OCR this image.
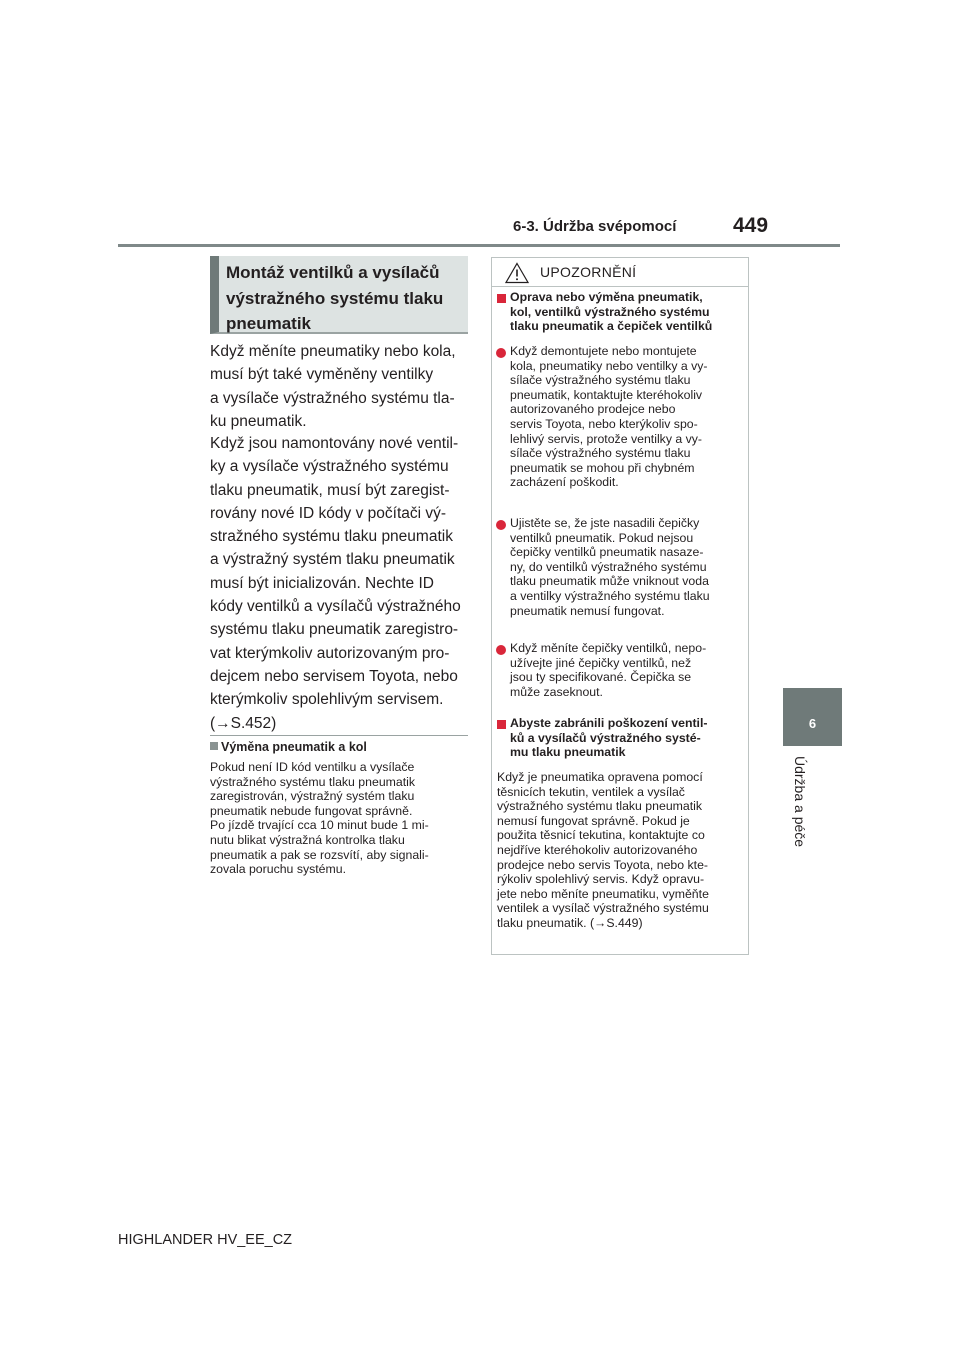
6-3. Údržba svépomocí	449
6
Údržba a péče
Montáž ventilků a vysílačů
výstražného systému tlaku
pneumatik
Když měníte pneumatiky nebo kola,
musí být také vyměněny ventilky
a vysílače výstražného systému tla-
ku pneumatik.
Když jsou namontovány nové ventil-
ky a vysílače výstražného systému
tlaku pneumatik, musí být zaregist-
rovány nové ID kódy v počítači vý-
stražného systému tlaku pneumatik
a výstražný systém tlaku pneumatik
musí být inicializován. Nechte ID
kódy ventilků a vysílačů výstražného
systému tlaku pneumatik zaregistro-
vat kterýmkoliv autorizovaným pro-
dejcem nebo servisem Toyota, nebo
kterýmkoliv spolehlivým servisem.
(→S.452)
Výměna pneumatik a kol
Pokud není ID kód ventilku a vysílače
výstražného systému tlaku pneumatik
zaregistrován, výstražný systém tlaku
pneumatik nebude fungovat správně.
Po jízdě trvající cca 10 minut bude 1 mi-
nutu blikat výstražná kontrolka tlaku
pneumatik a pak se rozsvítí, aby signali-
zovala poruchu systému.
UPOZORNĚNÍ
Oprava nebo výměna pneumatik,
kol, ventilků výstražného systému
tlaku pneumatik a čepiček ventilků
Když demontujete nebo montujete
kola, pneumatiky nebo ventilky a vy-
sílače výstražného systému tlaku
pneumatik, kontaktujte kteréhokoliv
autorizovaného prodejce nebo
servis Toyota, nebo kterýkoliv spo-
lehlivý servis, protože ventilky a vy-
sílače výstražného systému tlaku
pneumatik se mohou při chybném
zacházení poškodit.
Ujistěte se, že jste nasadili čepičky
ventilků pneumatik. Pokud nejsou
čepičky ventilků pneumatik nasaze-
ny, do ventilků výstražného systému
tlaku pneumatik může vniknout voda
a ventilky výstražného systému tlaku
pneumatik nemusí fungovat.
Když měníte čepičky ventilků, nepo-
užívejte jiné čepičky ventilků, než
jsou ty specifikované. Čepička se
může zaseknout.
Abyste zabránili poškození ventil-
ků a vysílačů výstražného systé-
mu tlaku pneumatik
Když je pneumatika opravena pomocí
těsnicích tekutin, ventilek a vysílač
výstražného systému tlaku pneumatik
nemusí fungovat správně. Pokud je
použita těsnicí tekutina, kontaktujte co
nejdříve kteréhokoliv autorizovaného
prodejce nebo servis Toyota, nebo kte-
rýkoliv spolehlivý servis. Když opravu-
jete nebo měníte pneumatiku, vyměňte
ventilek a vysílač výstražného systému
tlaku pneumatik. (→S.449)
HIGHLANDER HV_EE_CZ
